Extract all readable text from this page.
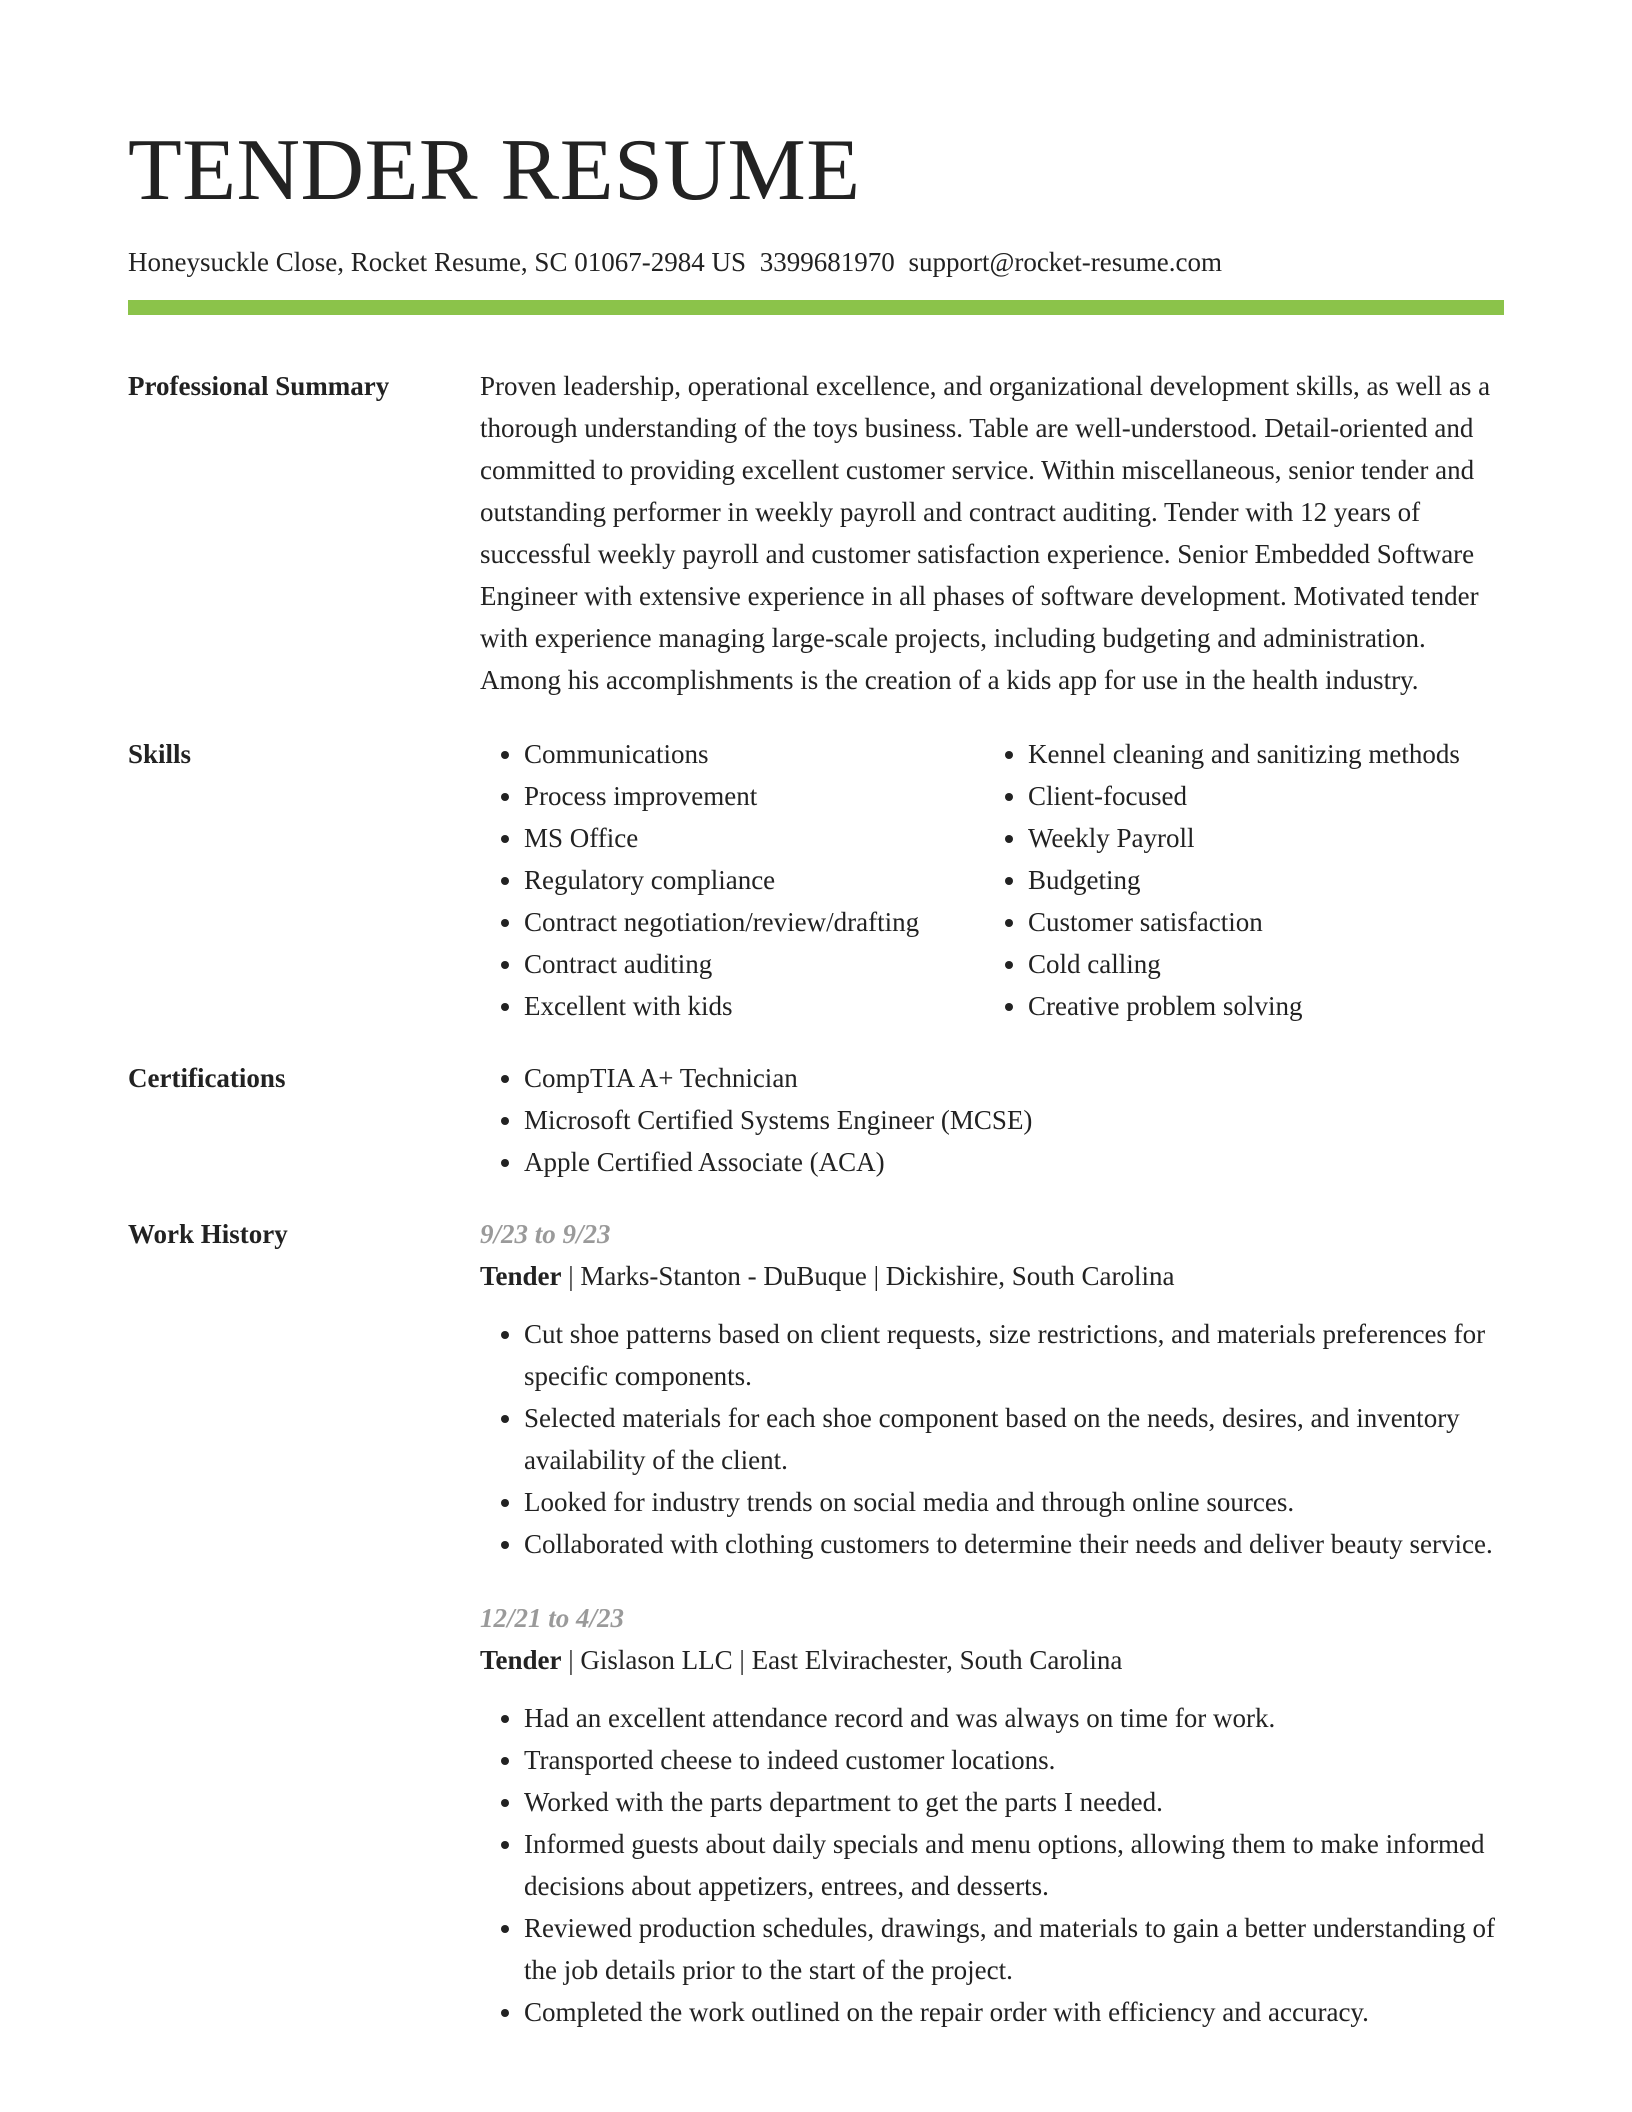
TENDER RESUME
Honeysuckle Close, Rocket Resume, SC 01067-2984 US 3399681970 support@rocket-resume.com
Professional Summary	Proven leadership, operational excellence, and organizational development skills, as well as a thorough understanding of the toys business. Table are well-understood. Detail-oriented and committed to providing excellent customer service. Within miscellaneous, senior tender and outstanding performer in weekly payroll and contract auditing. Tender with 12 years of successful weekly payroll and customer satisfaction experience. Senior Embedded Software Engineer with extensive experience in all phases of software development. Motivated tender with experience managing large-scale projects, including budgeting and administration. Among his accomplishments is the creation of a kids app for use in the health industry.
Skills	• Communications
• Process improvement
• MS Office
• Regulatory compliance
• Contract negotiation/review/drafting
• Contract auditing
• Excellent with kids
• Kennel cleaning and sanitizing methods
• Client-focused
• Weekly Payroll
• Budgeting
• Customer satisfaction
• Cold calling
• Creative problem solving
Certifications	• CompTIA A+ Technician
• Microsoft Certified Systems Engineer (MCSE)
• Apple Certified Associate (ACA)
Work History	9/23 to 9/23
Tender | Marks-Stanton - DuBuque | Dickishire, South Carolina
• Cut shoe patterns based on client requests, size restrictions, and materials preferences for specific components.
• Selected materials for each shoe component based on the needs, desires, and inventory availability of the client.
• Looked for industry trends on social media and through online sources.
• Collaborated with clothing customers to determine their needs and deliver beauty service.
12/21 to 4/23
Tender | Gislason LLC | East Elvirachester, South Carolina
• Had an excellent attendance record and was always on time for work.
• Transported cheese to indeed customer locations.
• Worked with the parts department to get the parts I needed.
• Informed guests about daily specials and menu options, allowing them to make informed decisions about appetizers, entrees, and desserts.
• Reviewed production schedules, drawings, and materials to gain a better understanding of the job details prior to the start of the project.
• Completed the work outlined on the repair order with efficiency and accuracy.
